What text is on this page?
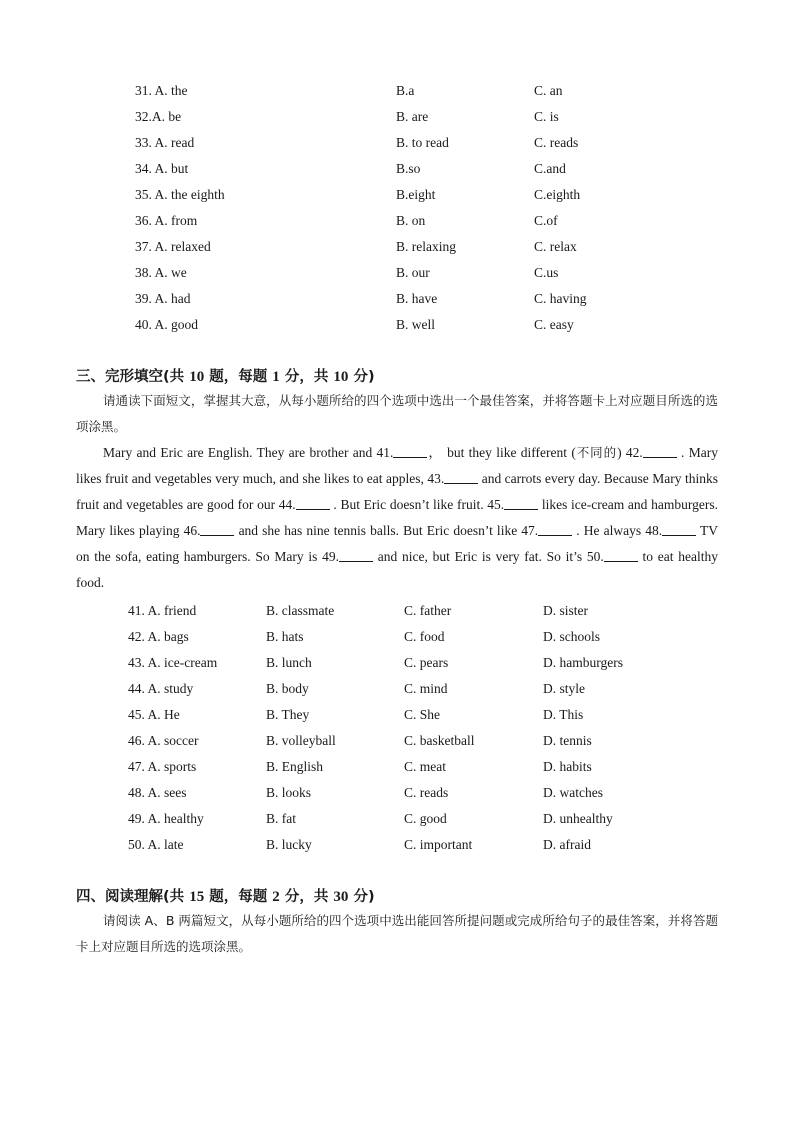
31. A. the	B.a	C. an
32.A. be	B. are	C. is
33. A. read	B. to read	C. reads
34. A. but	B.so	C.and
35. A. the eighth	B.eight	C.eighth
36. A. from	B. on	C.of
37. A. relaxed	B. relaxing	C. relax
38. A. we	B. our	C.us
39. A. had	B. have	C. having
40. A. good	B. well	C. easy
三、完形填空(共 10 题，每题 1 分，共 10 分)
请通读下面短文，掌握其大意，从每小题所给的四个选项中选出一个最佳答案，并将答题卡上对应题目所选的选项涂黑。
Mary and Eric are English. They are brother and 41.	， but they like different (不同的) 42.	. Mary likes fruit and vegetables very much, and she likes to eat apples, 43.	and carrots every day. Because Mary thinks fruit and vegetables are good for our 44.	. But Eric doesn’t like fruit. 45.	likes ice-cream and hamburgers. Mary likes playing 46.	and she has nine tennis balls. But Eric doesn’t like 47.	. He always 48.	TV on the sofa, eating hamburgers. So Mary is 49.	and nice, but Eric is very fat. So it’s 50.	to eat healthy food.
41. A. friend	B. classmate	C. father	D. sister
42. A. bags	B. hats	C. food	D. schools
43. A. ice-cream	B. lunch	C. pears	D. hamburgers
44. A. study	B. body	C. mind	D. style
45. A. He	B. They	C. She	D. This
46. A. soccer	B. volleyball	C. basketball	D. tennis
47. A. sports	B. English	C. meat	D. habits
48. A. sees	B. looks	C. reads	D. watches
49. A. healthy	B. fat	C. good	D. unhealthy
50. A. late	B. lucky	C. important	D. afraid
四、阅读理解(共 15 题，每题 2 分，共 30 分)
请阅读 A、B 两篇短文，从每小题所给的四个选项中选出能回答所提问题或完成所给句子的最佳答案，并将答题卡上对应题目所选的选项涂黑。
